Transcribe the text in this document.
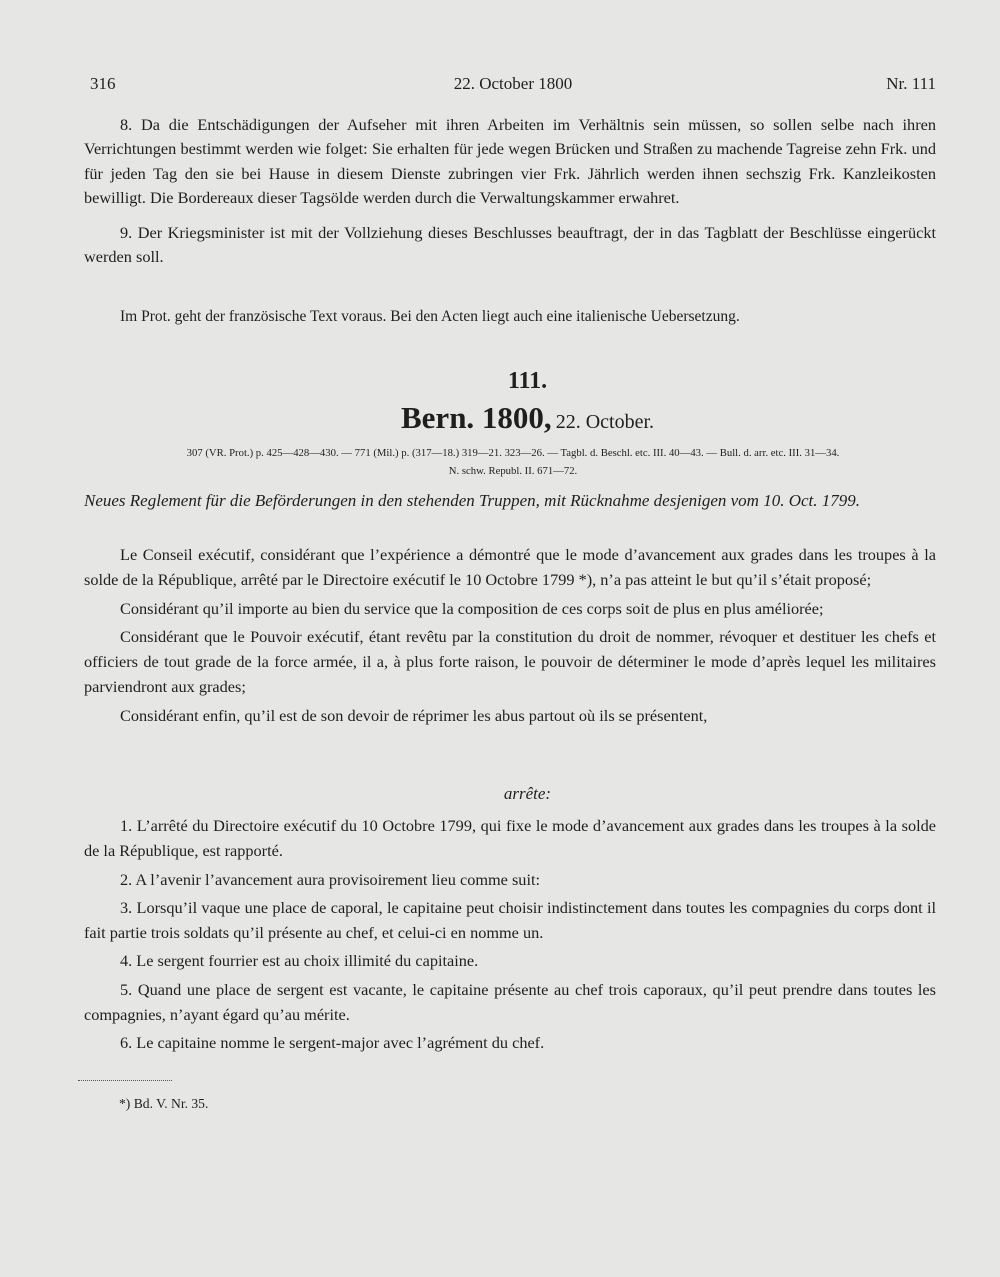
316	22. October 1800	Nr. 111

8. Da die Entschädigungen der Aufseher mit ihren Arbeiten im Verhältnis sein müssen, so sollen selbe nach ihren Verrichtungen bestimmt werden wie folget: Sie erhalten für jede wegen Brücken und Straßen zu machende Tagreise zehn Frk. und für jeden Tag den sie bei Hause in diesem Dienste zubringen vier Frk. Jährlich werden ihnen sechszig Frk. Kanzleikosten bewilligt. Die Bordereaux dieser Tagsölde werden durch die Verwaltungskammer erwahret.

9. Der Kriegsminister ist mit der Vollziehung dieses Beschlusses beauftragt, der in das Tagblatt der Beschlüsse eingerückt werden soll.

Im Prot. geht der französische Text voraus. Bei den Acten liegt auch eine italienische Uebersetzung.

111.
Bern. 1800, 22. October.
307 (VR. Prot.) p. 425—428—430. — 771 (Mil.) p. (317—18.) 319—21. 323—26. — Tagbl. d. Beschl. etc. III. 40—43. — Bull. d. arr. etc. III. 31—34.
N. schw. Republ. II. 671—72.
Neues Reglement für die Beförderungen in den stehenden Truppen, mit Rücknahme desjenigen vom 10. Oct. 1799.

Le Conseil exécutif, considérant que l’expérience a démontré que le mode d’avancement aux grades dans les troupes à la solde de la République, arrêté par le Directoire exécutif le 10 Octobre 1799 *), n’a pas atteint le but qu’il s’était proposé;

Considérant qu’il importe au bien du service que la composition de ces corps soit de plus en plus améliorée;

Considérant que le Pouvoir exécutif, étant revêtu par la constitution du droit de nommer, révoquer et destituer les chefs et officiers de tout grade de la force armée, il a, à plus forte raison, le pouvoir de déterminer le mode d’après lequel les militaires parviendront aux grades;

Considérant enfin, qu’il est de son devoir de réprimer les abus partout où ils se présentent,

arrête:

1. L’arrêté du Directoire exécutif du 10 Octobre 1799, qui fixe le mode d’avancement aux grades dans les troupes à la solde de la République, est rapporté.

2. A l’avenir l’avancement aura provisoirement lieu comme suit:

3. Lorsqu’il vaque une place de caporal, le capitaine peut choisir indistinctement dans toutes les compagnies du corps dont il fait partie trois soldats qu’il présente au chef, et celui-ci en nomme un.

4. Le sergent fourrier est au choix illimité du capitaine.

5. Quand une place de sergent est vacante, le capitaine présente au chef trois caporaux, qu’il peut prendre dans toutes les compagnies, n’ayant égard qu’au mérite.

6. Le capitaine nomme le sergent-major avec l’agrément du chef.

*) Bd. V. Nr. 35.
